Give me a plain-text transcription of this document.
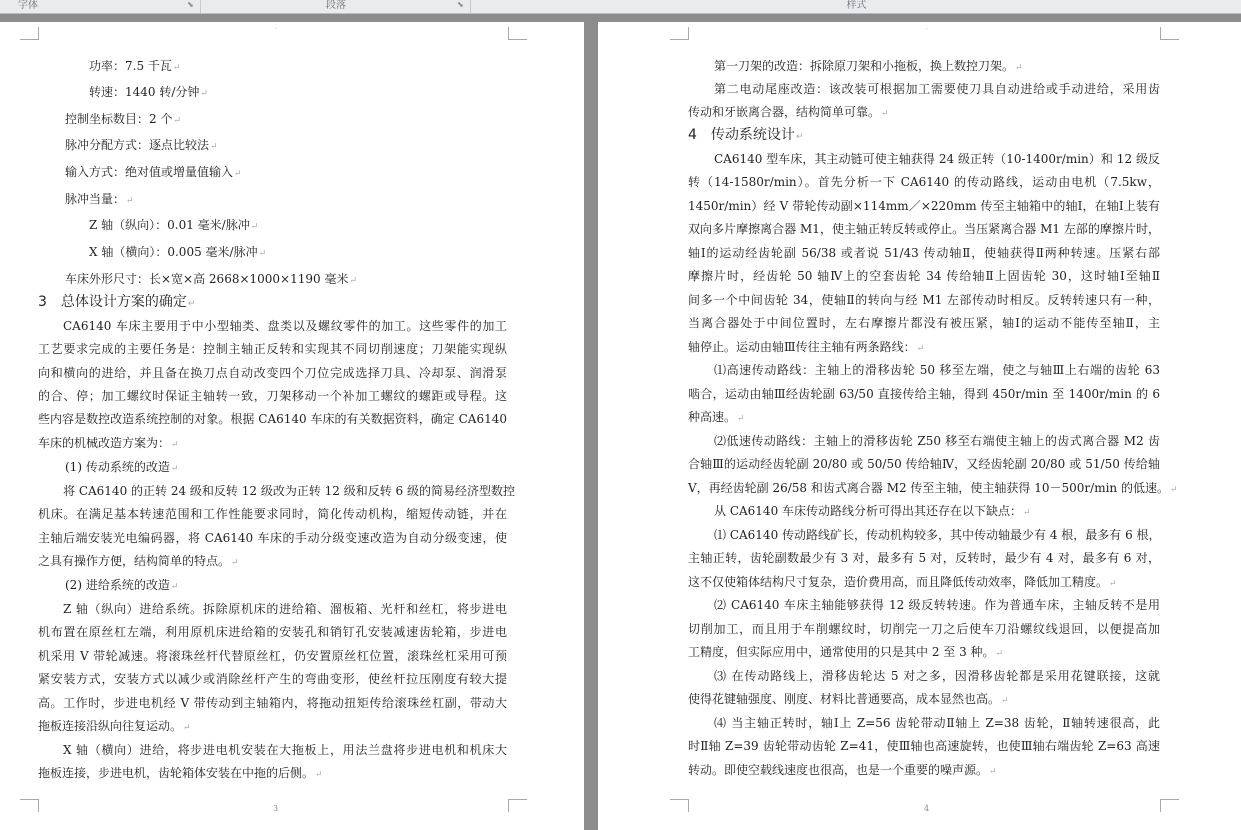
字体	⬊	段落	⬊	样式
˙
功率：7.5 千瓦 ↵
转速：1440 转/分钟 ↵
控制坐标数目：2 个 ↵
脉冲分配方式：逐点比较法 ↵
输入方式：绝对值或增量值输入 ↵
脉冲当量： ↵
Z 轴（纵向）：0.01 毫米/脉冲 ↵
X 轴（横向）：0.005 毫米/脉冲 ↵
车床外形尺寸：长×宽×高 2668×1000×1190 毫米 ↵
3　总体设计方案的确定 ↵
CA6140 车床主要用于中小型轴类、盘类以及螺纹零件的加工。这些零件的加工
工艺要求完成的主要任务是：控制主轴正反转和实现其不同切削速度；刀架能实现纵
向和横向的进给，并且备在换刀点自动改变四个刀位完成选择刀具、冷却泵、润滑泵
的合、停；加工螺纹时保证主轴转一致，刀架移动一个补加工螺纹的螺距或导程。这
些内容是数控改造系统控制的对象。根据 CA6140 车床的有关数据资料，确定 CA6140
车床的机械改造方案为： ↵
(1) 传动系统的改造 ↵
将 CA6140 的正转 24 级和反转 12 级改为正转 12 级和反转 6 级的简易经济型数控
机床。在满足基本转速范围和工作性能要求同时，简化传动机构，缩短传动链，并在
主轴后端安装光电编码器，将 CA6140 车床的手动分级变速改造为自动分级变速，使
之具有操作方便，结构简单的特点。 ↵
(2) 进给系统的改造 ↵
Z 轴（纵向）进给系统。拆除原机床的进给箱、溜板箱、光杆和丝杠，将步进电
机布置在原丝杠左端，利用原机床进给箱的安装孔和销钉孔安装减速齿轮箱，步进电
机采用 V 带轮减速。将滚珠丝杆代替原丝杠，仍安置原丝杠位置，滚珠丝杠采用可预
紧安装方式，安装方式以减少或消除丝杆产生的弯曲变形，使丝杆拉压刚度有较大提
高。工作时，步进电机经 V 带传动到主轴箱内，将拖动扭矩传给滚珠丝杠副，带动大
拖板连接沿纵向往复运动。 ↵
X 轴（横向）进给，将步进电机安装在大拖板上，用法兰盘将步进电机和机床大
拖板连接，步进电机，齿轮箱体安装在中拖的后侧。 ↵
3
˙
第一刀架的改造：拆除原刀架和小拖板，换上数控刀架。 ↵
第二电动尾座改造：该改装可根据加工需要使刀具自动进给或手动进给，采用齿
传动和牙嵌离合器，结构简单可靠。 ↵
4　传动系统设计 ↵
CA6140 型车床，其主动链可使主轴获得 24 级正转（10-1400r/min）和 12 级反
转（14-1580r/min）。首先分析一下 CA6140 的传动路线，运动由电机（7.5kw，
1450r/min）经 V 带轮传动副×114mm／×220mm 传至主轴箱中的轴Ⅰ，在轴Ⅰ上装有
双向多片摩擦离合器 M1，使主轴正转反转或停止。当压紧离合器 M1 左部的摩擦片时，
轴Ⅰ的运动经齿轮副 56/38 或者说 51/43 传动轴Ⅱ，使轴获得Ⅱ两种转速。压紧右部
摩擦片时，经齿轮 50 轴Ⅳ上的空套齿轮 34 传给轴Ⅱ上固齿轮 30，这时轴Ⅰ至轴Ⅱ
间多一个中间齿轮 34，使轴Ⅱ的转向与经 M1 左部传动时相反。反转转速只有一种，
当离合器处于中间位置时，左右摩擦片都没有被压紧，轴Ⅰ的运动不能传至轴Ⅱ，主
轴停止。运动由轴Ⅲ传往主轴有两条路线： ↵
⑴高速传动路线：主轴上的滑移齿轮 50 移至左端，使之与轴Ⅲ上右端的齿轮 63
啮合，运动由轴Ⅲ经齿轮副 63/50 直接传给主轴，得到 450r/min 至 1400r/min 的 6
种高速。 ↵
⑵低速传动路线：主轴上的滑移齿轮 Z50 移至右端使主轴上的齿式离合器 M2 齿
合轴Ⅲ的运动经齿轮副 20/80 或 50/50 传给轴Ⅳ，又经齿轮副 20/80 或 51/50 传给轴
Ⅴ，再经齿轮副 26/58 和齿式离合器 M2 传至主轴，使主轴获得 10－500r/min 的低速。 ↵
从 CA6140 车床传动路线分析可得出其还存在以下缺点： ↵
⑴ CA6140 传动路线矿长，传动机构较多，其中传动轴最少有 4 根，最多有 6 根，
主轴正转，齿轮副数最少有 3 对，最多有 5 对，反转时，最少有 4 对，最多有 6 对，
这不仅使箱体结构尺寸复杂，造价费用高，而且降低传动效率，降低加工精度。 ↵
⑵ CA6140 车床主轴能够获得 12 级反转转速。作为普通车床，主轴反转不是用
切削加工，而且用于车削螺纹时，切削完一刀之后使车刀沿螺纹线退回，以便提高加
工精度，但实际应用中，通常使用的只是其中 2 至 3 种。 ↵
⑶ 在传动路线上，滑移齿轮达 5 对之多，因滑移齿轮都是采用花键联接，这就
使得花键轴强度、刚度、材料比普通要高，成本显然也高。 ↵
⑷ 当主轴正转时，轴Ⅰ上 Z=56 齿轮带动Ⅱ轴上 Z=38 齿轮，Ⅱ轴转速很高，此
时Ⅱ轴 Z=39 齿轮带动齿轮 Z=41，使Ⅲ轴也高速旋转，也使Ⅲ轴右端齿轮 Z=63 高速
转动。即使空载线速度也很高，也是一个重要的噪声源。 ↵
4
